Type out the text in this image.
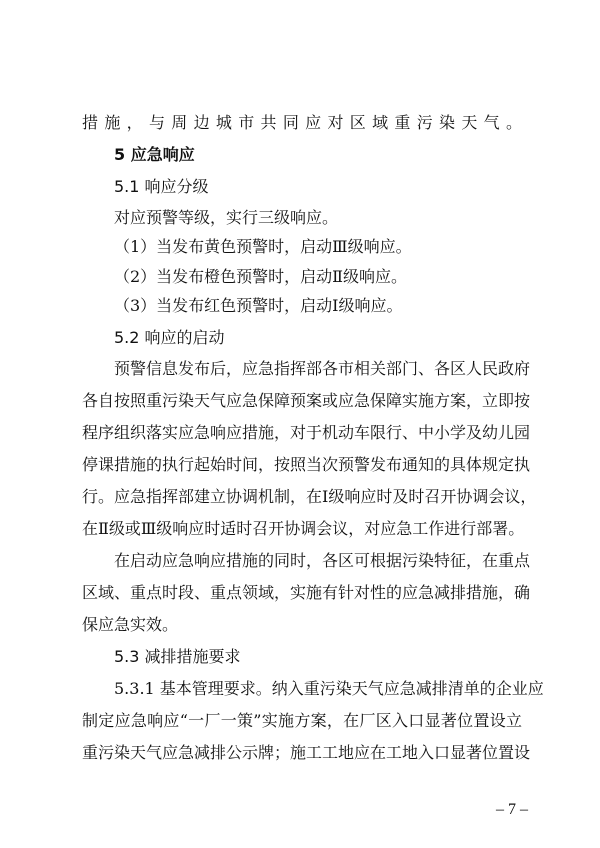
措施，与周边城市共同应对区域重污染天气。
5 应急响应
5.1 响应分级
对应预警等级，实行三级响应。
（1）当发布黄色预警时，启动Ⅲ级响应。
（2）当发布橙色预警时，启动Ⅱ级响应。
（3）当发布红色预警时，启动Ⅰ级响应。
5.2 响应的启动
预警信息发布后，应急指挥部各市相关部门、各区人民政府
各自按照重污染天气应急保障预案或应急保障实施方案，立即按
程序组织落实应急响应措施，对于机动车限行、中小学及幼儿园
停课措施的执行起始时间，按照当次预警发布通知的具体规定执
行。应急指挥部建立协调机制，在Ⅰ级响应时及时召开协调会议，
在Ⅱ级或Ⅲ级响应时适时召开协调会议，对应急工作进行部署。
在启动应急响应措施的同时，各区可根据污染特征，在重点
区域、重点时段、重点领域，实施有针对性的应急减排措施，确
保应急实效。
5.3 减排措施要求
5.3.1 基本管理要求。纳入重污染天气应急减排清单的企业应
制定应急响应“一厂一策”实施方案，在厂区入口显著位置设立
重污染天气应急减排公示牌；施工工地应在工地入口显著位置设
– 7 –
